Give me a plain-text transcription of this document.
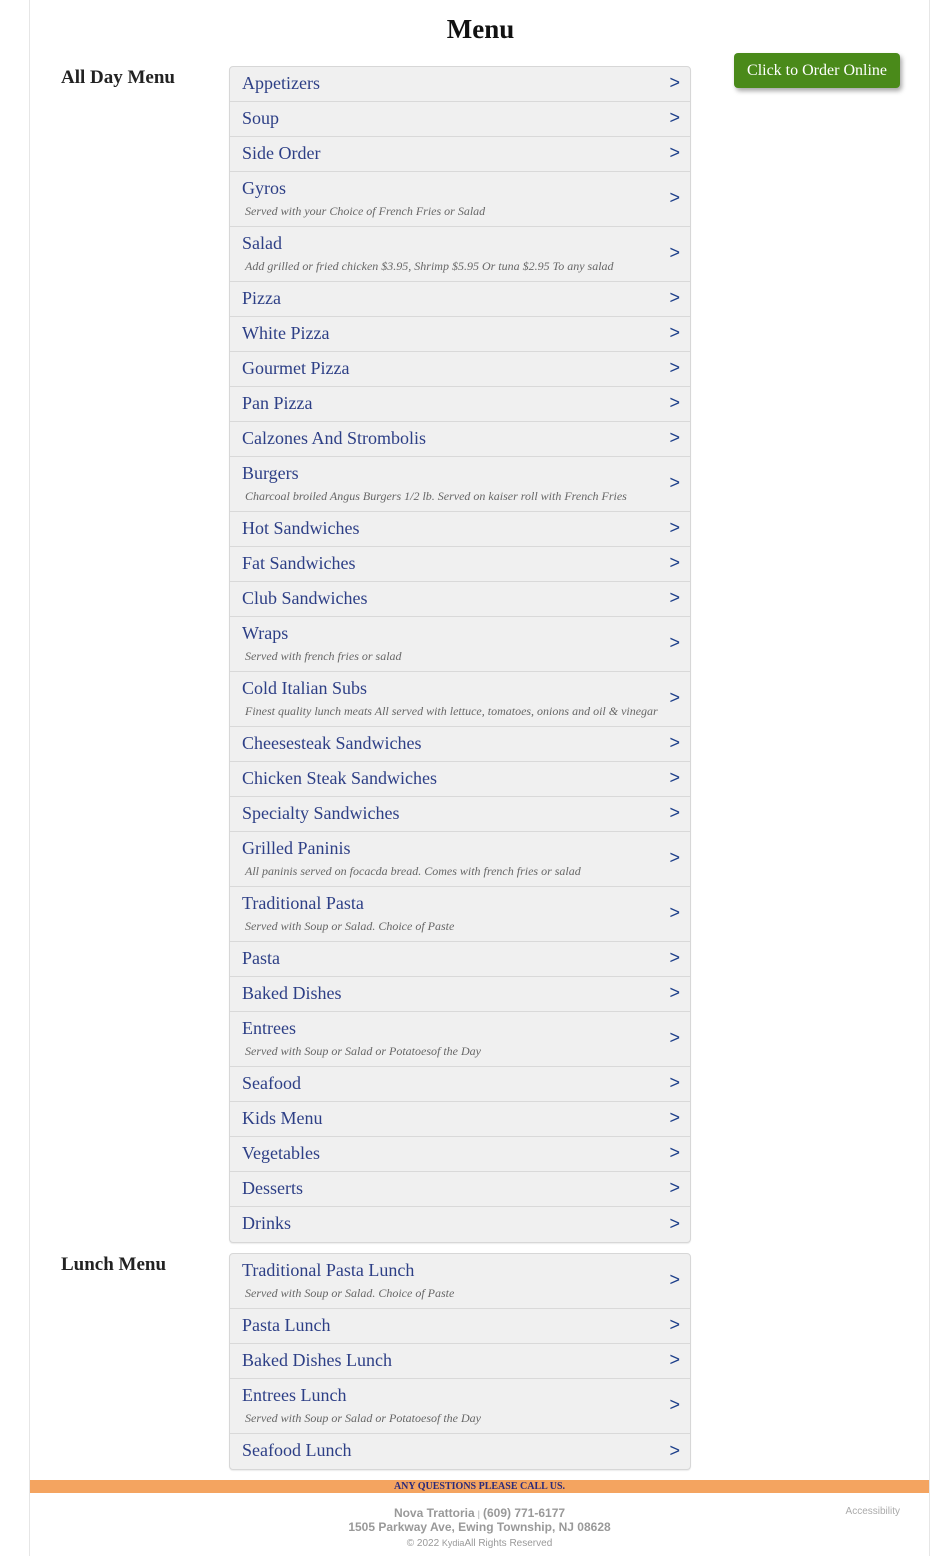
Menu
Click to Order Online
All Day Menu	Appetizers	>
Soup	>
Side Order	>
Gyros
Served with your Choice of French Fries or Salad
>
Salad
Add grilled or fried chicken $3.95, Shrimp $5.95 Or tuna $2.95 To any salad
>
Pizza	>
White Pizza	>
Gourmet Pizza	>
Pan Pizza	>
Calzones And Strombolis	>
Burgers
Charcoal broiled Angus Burgers 1/2 lb. Served on kaiser roll with French Fries
>
Hot Sandwiches	>
Fat Sandwiches	>
Club Sandwiches	>
Wraps
Served with french fries or salad
>
Cold Italian Subs
Finest quality lunch meats All served with lettuce, tomatoes, onions and oil & vinegar
>
Cheesesteak Sandwiches	>
Chicken Steak Sandwiches	>
Specialty Sandwiches	>
Grilled Paninis
All paninis served on focacda bread. Comes with french fries or salad
>
Traditional Pasta
Served with Soup or Salad. Choice of Paste
>
Pasta	>
Baked Dishes	>
Entrees
Served with Soup or Salad or Potatoesof the Day
>
Seafood	>
Kids Menu	>
Vegetables	>
Desserts	>
Drinks	>
Lunch Menu	Traditional Pasta Lunch
Served with Soup or Salad. Choice of Paste
>
Pasta Lunch	>
Baked Dishes Lunch	>
Entrees Lunch
Served with Soup or Salad or Potatoesof the Day
>
Seafood Lunch	>
ANY QUESTIONS PLEASE CALL US.
Nova Trattoria | (609) 771-6177
1505 Parkway Ave, Ewing Township, NJ 08628
© 2022 KydiaAll Rights Reserved
Accessibility
